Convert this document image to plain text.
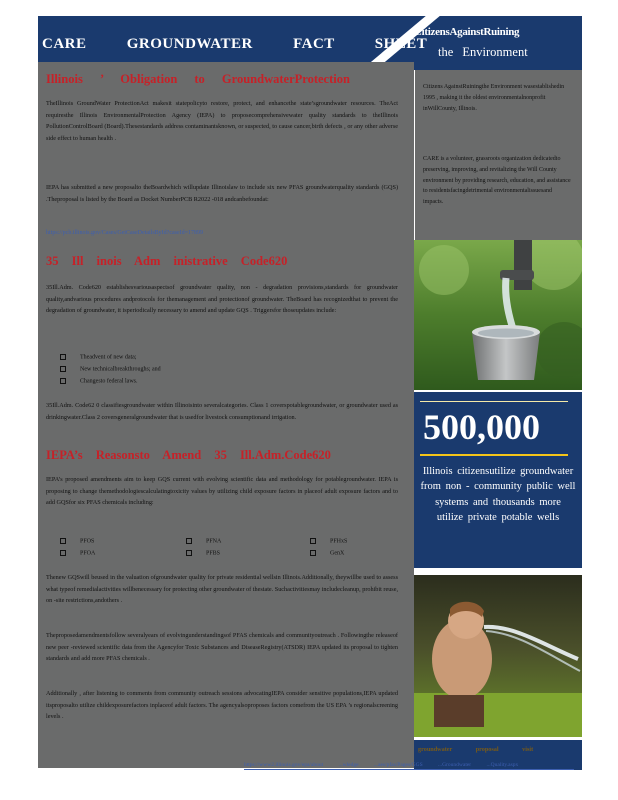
CARE GROUNDWATER FACT SHEET
CitizensAgainstRuining
the Environment
Illinois ’ Obligation to GroundwaterProtection
TheIllinois GroundWater ProtectionAct makesit statepolicyto restore, protect, and enhancethe state’sgroundwater resources. TheAct requiresthe Illinois EnvironmentalProtection Agency (IEPA) to proposecomprehensivewater quality standards to theIllinois PollutionControlBoard (Board).Thesestandards address contaminantsknown, or suspected, to cause cancer,birth defects , or any other adverse side effect to human health .
IEPA has submitted a new proposalto theBoardwhich willupdate Illinoislaw to include six new PFAS groundwaterquality standards (GQS) .Theproposal is listed by the Board as Docket NumberPCB R2022 -018 andcanbefoundat:
https://pcb.illinois.gov/Cases/GetCaseDetailsById?caseId=17899
35 Ill inois Adm inistrative Code620
35Ill.Adm. Code620 establishesvariousaspectsof groundwater quality, non - degradation provisions,standards for groundwater quality,andvarious procedures andprotocols for themanagement and protectionof groundwater. TheBoard has recognizedthat to prevent the degradation of groundwater, it isperiodically necessary to amend and update GQS . Triggersfor thoseupdates include:
Theadvent of new data;
New technicalbreakthroughs; and
Changesto federal laws.
35Ill.Adm. Code62 0 classifiesgroundwater within Illinoisinto severalcategories. Class 1 coverspotablegroundwater, or groundwater used as drinkingwater.Class 2 coversgeneralgroundwater that is usedfor livestock consumptionand irrigation.
IEPA’s Reasonsto Amend 35 Ill.Adm.Code620
IEPA’s proposed amendments aim to keep GQS current with evolving scientific data and methodology for potablegroundwater. IEPA is proposing to change themethodologiescalculatingtoxicity values by utilizing child exposure factors in placeof adult exposure factors and to add GQSfor six PFAS chemicals including:
PFOS	PFNA	PFHxS
PFOA	PFBS	GenX
Thenew GQSwill beused in the valuation ofgroundwater quality for private residential wellsin Illinois.Additionally, theywillbe used to assess what typeof remedialactivities willbenecessary for protecting other groundwater of thestate. Suchactivitiesmay includecleanup, prohibit reuse, on -site restrictions,andothers .
Theproposedamendmentsfollow severalyears of evolvingunderstandingsof PFAS chemicals and communityoutreach . Followingthe releaseof new peer -reviewed scientific data from the Agencyfor Toxic Substances and DiseaseRegistry(ATSDR) IEPA updated its proposal to tighten standards and add more PFAS chemicals .
Additionally , after listening to comments from community outreach sessions advocatingIEPA consider sensitive populations,IEPA updated itsproposalto utilize childexposurefactors inplaceof adult factors. The agencyalsoproposes factors comefrom the US EPA ’s regionalscreening levels .
Citizens AgainstRuiningthe Environment wasestablishedin 1995 , making it the oldest environmentalnonprofit inWillCounty, Illinois.
CARE is a volunteer, grassroots organization dedicatedto preserving, improving, and revitalizing the Will County environment by providing research, education, and assistance to residentsfacingdetrimental environmentalissuesand impacts.
500,000
Illinois citizensutilize groundwater from non - community public well systems and thousands more utilize private potable wells
groundwater proposal visit
https://www2.illinois.gov/epa/about ...wledge ...aes/pfas/Pages/GGS ...Groundwater ...Quality.aspx
